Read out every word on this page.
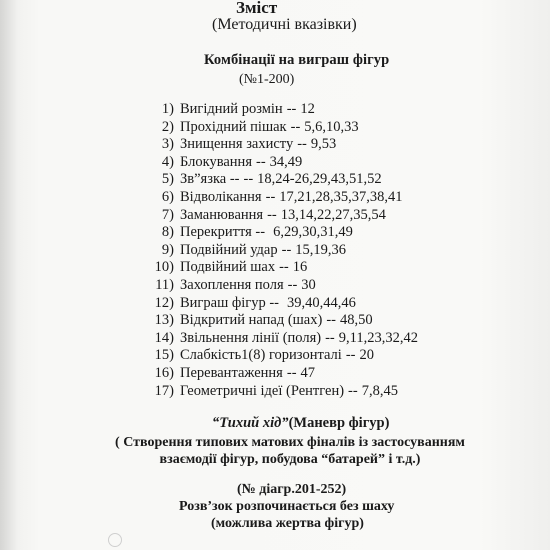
Зміст
(Методичні вказівки)
Комбінації на виграш фігур
(№1-200)
1) Вигідний розмін -- 12
2) Прохідний пішак -- 5,6,10,33
3) Знищення захисту -- 9,53
4) Блокування -- 34,49
5) Зв”язка -- -- 18,24-26,29,43,51,52
6) Відволікання -- 17,21,28,35,37,38,41
7) Заманювання -- 13,14,22,27,35,54
8) Перекриття -- 6,29,30,31,49
9) Подвійний удар -- 15,19,36
10) Подвійний шах -- 16
11) Захоплення поля -- 30
12) Виграш фігур -- 39,40,44,46
13) Відкритий напад (шах) -- 48,50
14) Звільнення лінії (поля) -- 9,11,23,32,42
15) Слабкість1(8) горизонталі -- 20
16) Перевантаження -- 47
17) Геометричні ідеї (Рентген) -- 7,8,45
“Тихий хід”(Маневр фігур)
( Створення типових матових фіналів із застосуванням взаємодії фігур, побудова “батарей” і т.д.)
(№ діагр.201-252)
Розв’зок розпочинається без шаху
(можлива жертва фігур)
